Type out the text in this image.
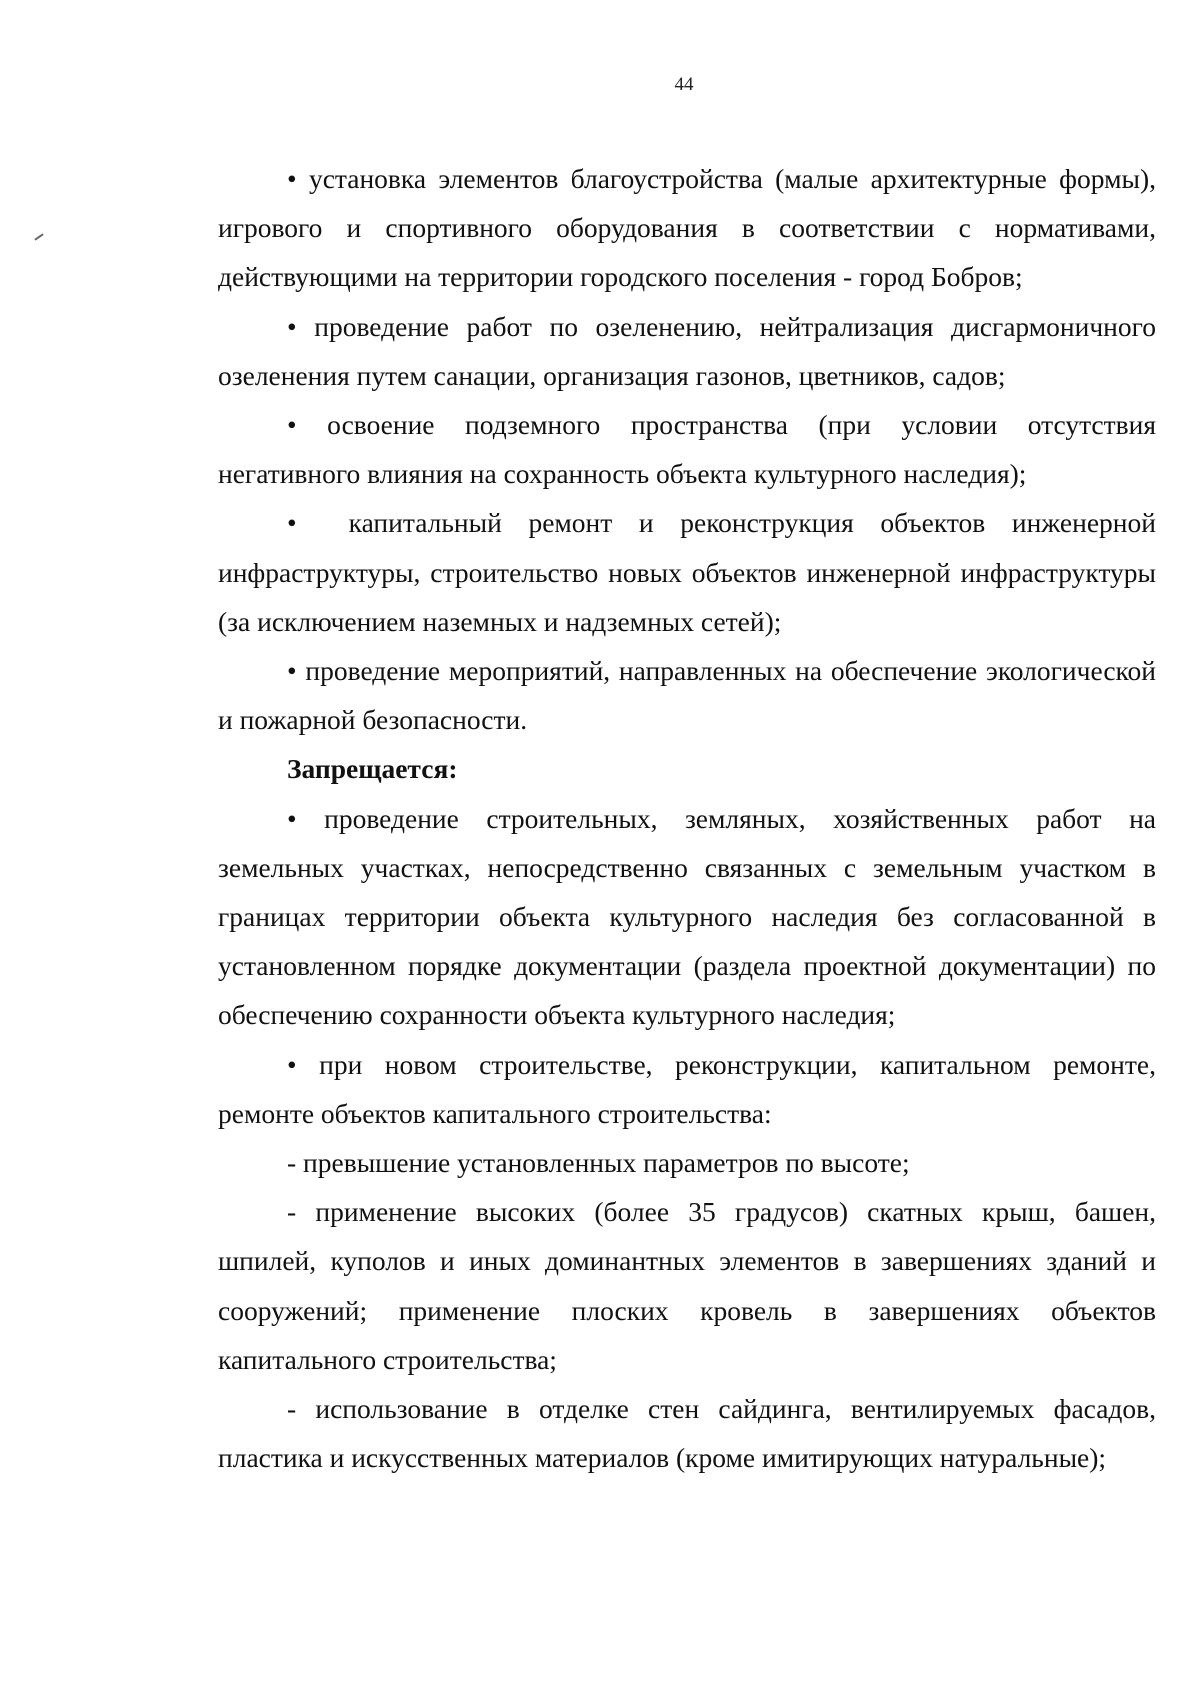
44

• установка элементов благоустройства (малые архитектурные формы), игрового и спортивного оборудования в соответствии с нормативами, действующими на территории городского поселения - город Бобров;

• проведение работ по озеленению, нейтрализация дисгармоничного озеленения путем санации, организация газонов, цветников, садов;

• освоение подземного пространства (при условии отсутствия негативного влияния на сохранность объекта культурного наследия);

• капитальный ремонт и реконструкция объектов инженерной инфраструктуры, строительство новых объектов инженерной инфраструктуры (за исключением наземных и надземных сетей);

• проведение мероприятий, направленных на обеспечение экологической и пожарной безопасности.

Запрещается:

• проведение строительных, земляных, хозяйственных работ на земельных участках, непосредственно связанных с земельным участком в границах территории объекта культурного наследия без согласованной в установленном порядке документации (раздела проектной документации) по обеспечению сохранности объекта культурного наследия;

• при новом строительстве, реконструкции, капитальном ремонте, ремонте объектов капитального строительства:

- превышение установленных параметров по высоте;

- применение высоких (более 35 градусов) скатных крыш, башен, шпилей, куполов и иных доминантных элементов в завершениях зданий и сооружений; применение плоских кровель в завершениях объектов капитального строительства;

- использование в отделке стен сайдинга, вентилируемых фасадов, пластика и искусственных материалов (кроме имитирующих натуральные);
